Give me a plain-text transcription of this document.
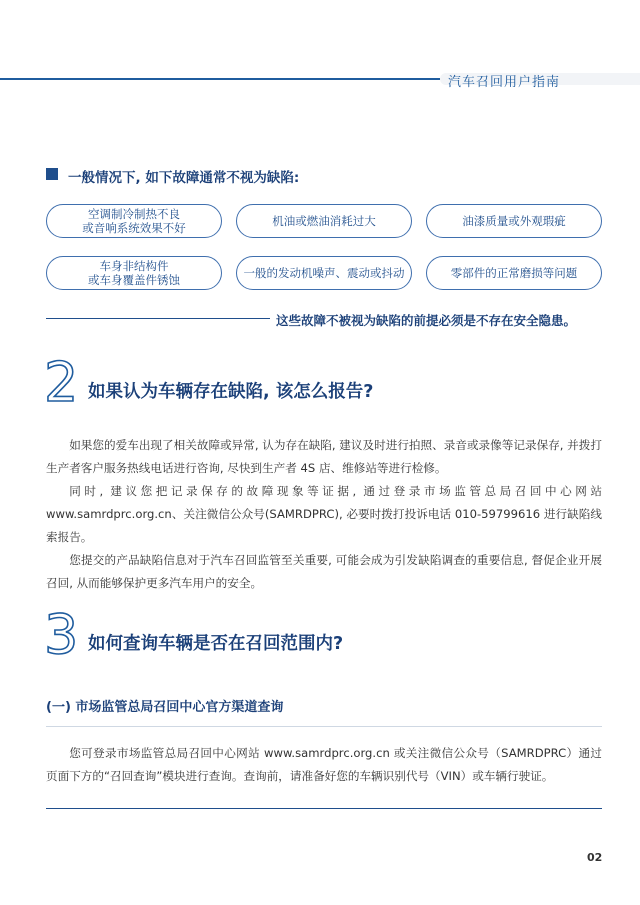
汽车召回用户指南
一般情况下, 如下故障通常不视为缺陷:
空调制冷制热不良
或音响系统效果不好	机油或燃油消耗过大	油漆质量或外观瑕疵
车身非结构件
或车身覆盖件锈蚀	一般的发动机噪声、震动或抖动	零部件的正常磨损等问题
这些故障不被视为缺陷的前提必须是不存在安全隐患。
2 如果认为车辆存在缺陷, 该怎么报告?

如果您的爱车出现了相关故障或异常, 认为存在缺陷, 建议及时进行拍照、录音或录像等记录保存, 并拨打生产者客户服务热线电话进行咨询, 尽快到生产者 4S 店、维修站等进行检修。

同时, 建议您把记录保存的故障现象等证据, 通过登录市场监管总局召回中心网站 www.samrdprc.org.cn、关注微信公众号(SAMRDPRC), 必要时拨打投诉电话 010-59799616 进行缺陷线索报告。

您提交的产品缺陷信息对于汽车召回监管至关重要, 可能会成为引发缺陷调查的重要信息, 督促企业开展召回, 从而能够保护更多汽车用户的安全。

3 如何查询车辆是否在召回范围内?
(一) 市场监管总局召回中心官方渠道查询

您可登录市场监管总局召回中心网站 www.samrdprc.org.cn 或关注微信公众号（SAMRDPRC）通过页面下方的“召回查询”模块进行查询。查询前，请准备好您的车辆识别代号（VIN）或车辆行驶证。

02
